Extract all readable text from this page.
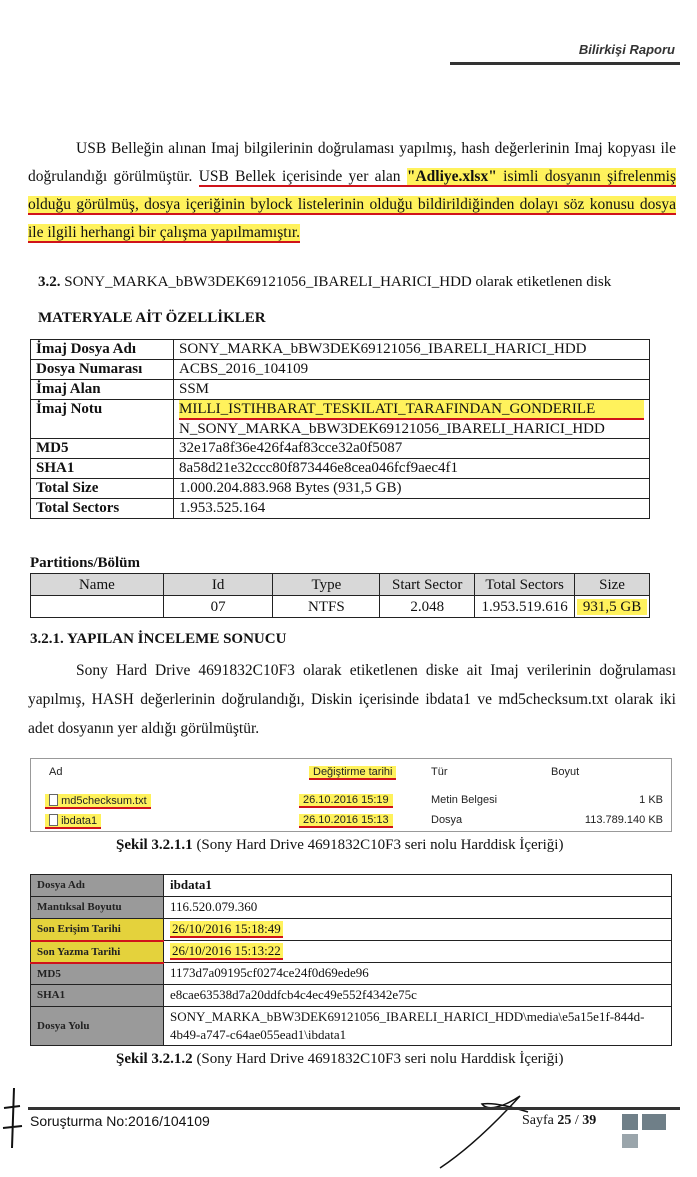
Bilirkişi Raporu
USB Belleğin alınan Imaj bilgilerinin doğrulaması yapılmış, hash değerlerinin Imaj kopyası ile doğrulandığı görülmüştür. USB Bellek içerisinde yer alan "Adliye.xlsx" isimli dosyanın şifrelenmiş olduğu görülmüş, dosya içeriğinin bylock listelerinin olduğu bildirildiğinden dolayı söz konusu dosya ile ilgili herhangi bir çalışma yapılmamıştır.
3.2. SONY_MARKA_bBW3DEK69121056_IBARELI_HARICI_HDD olarak etiketlenen disk
MATERYALE AİT ÖZELLİKLER
İmaj Dosya Adı	SONY_MARKA_bBW3DEK69121056_IBARELI_HARICI_HDD
Dosya Numarası	ACBS_2016_104109
İmaj Alan	SSM
İmaj Notu	MILLI_ISTIHBARAT_TESKILATI_TARAFINDAN_GONDERILE
N_SONY_MARKA_bBW3DEK69121056_IBARELI_HARICI_HDD

MD5	32e17a8f36e426f4af83cce32a0f5087
SHA1	8a58d21e32ccc80f873446e8cea046fcf9aec4f1
Total Size	1.000.204.883.968 Bytes (931,5 GB)
Total Sectors	1.953.525.164
Partitions/Bölüm
Name	Id	Type	Start Sector	Total Sectors	Size
	07	NTFS	2.048	1.953.519.616	931,5 GB
3.2.1. YAPILAN İNCELEME SONUCU
Sony Hard Drive 4691832C10F3 olarak etiketlenen diske ait Imaj verilerinin doğrulaması yapılmış, HASH değerlerinin doğrulandığı, Diskin içerisinde ibdata1 ve md5checksum.txt olarak iki adet dosyanın yer aldığı görülmüştür.
Ad	Değiştirme tarihi	Tür	Boyut
md5checksum.txt	26.10.2016 15:19	Metin Belgesi	1 KB
ibdata1	26.10.2016 15:13	Dosya	113.789.140 KB
Şekil 3.2.1.1 (Sony Hard Drive 4691832C10F3 seri nolu Harddisk İçeriği)
Dosya Adı	ibdata1
Mantıksal Boyutu	116.520.079.360
Son Erişim Tarihi	26/10/2016 15:18:49
Son Yazma Tarihi	26/10/2016 15:13:22
MD5	1173d7a09195cf0274ce24f0d69ede96
SHA1	e8cae63538d7a20ddfcb4c4ec49e552f4342e75c
Dosya Yolu	SONY_MARKA_bBW3DEK69121056_IBARELI_HARICI_HDD\media\e5a15e1f-844d-
4b49-a747-c64ae055ead1\ibdata1
Şekil 3.2.1.2 (Sony Hard Drive 4691832C10F3 seri nolu Harddisk İçeriği)
Soruşturma No:2016/104109	Sayfa 25 / 39
